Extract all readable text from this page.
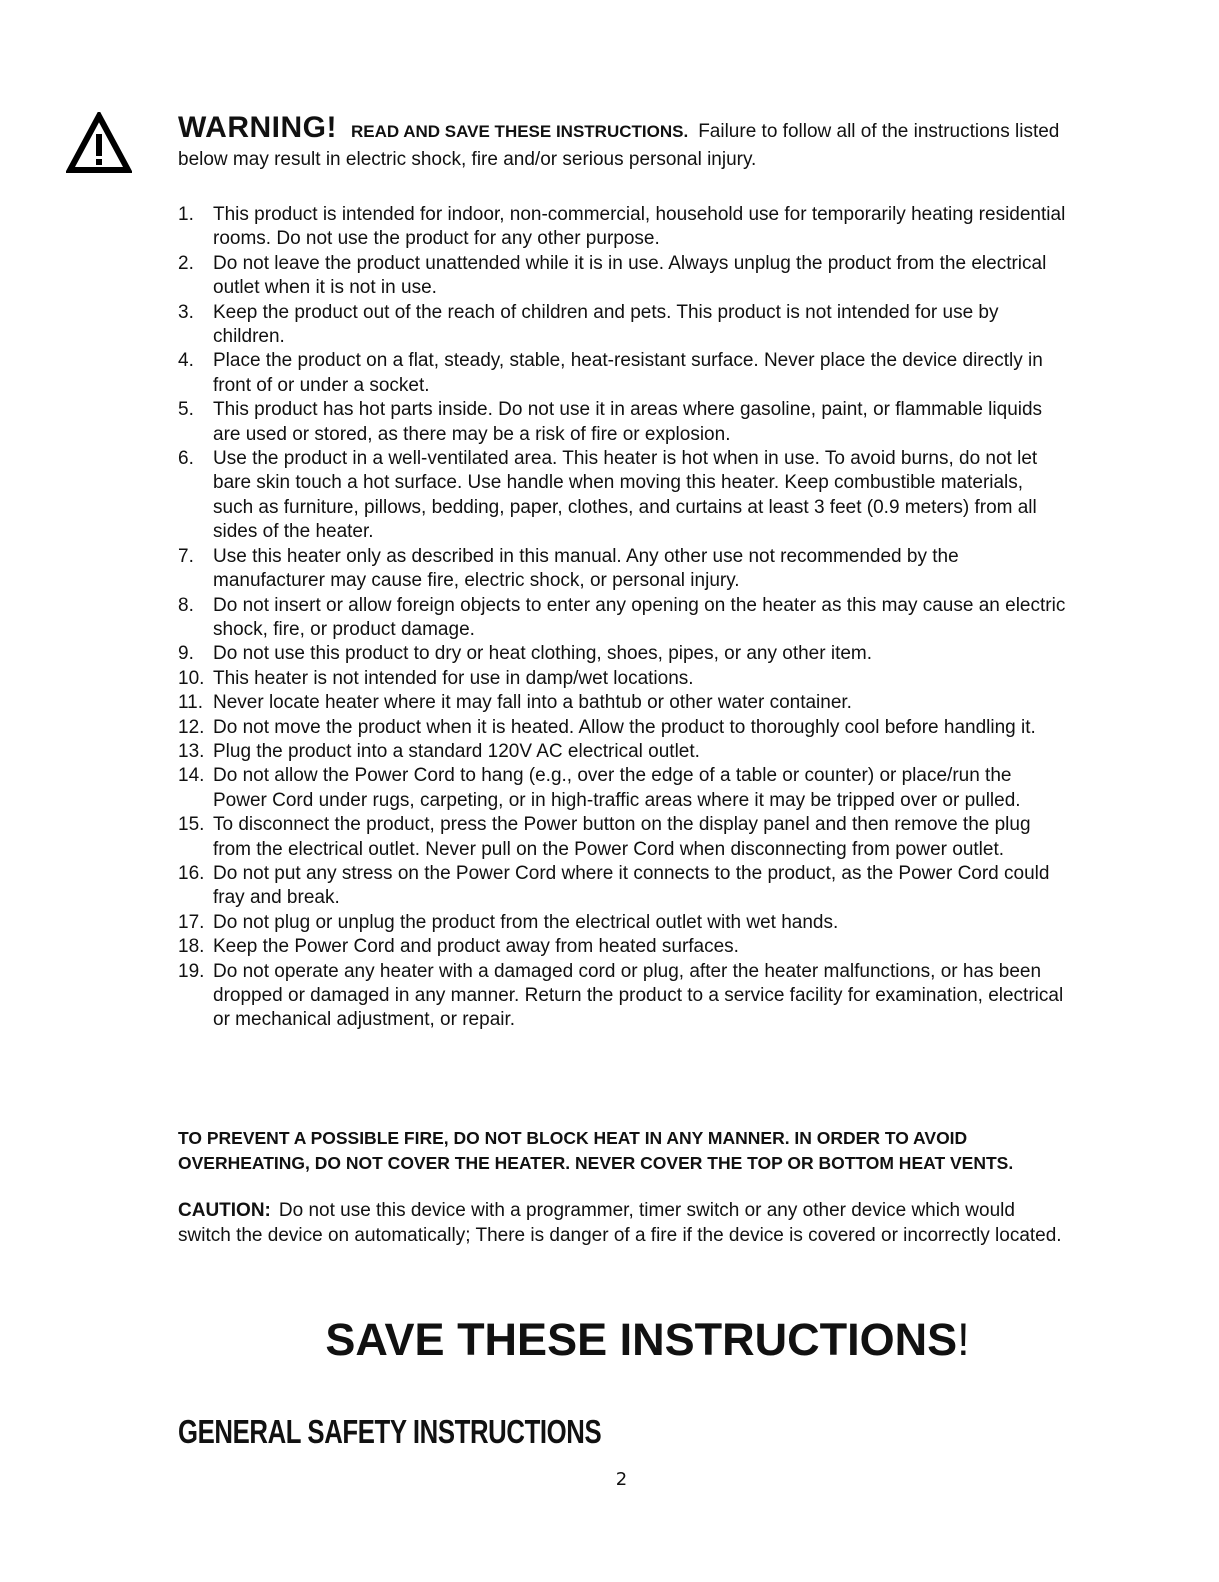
WARNING! READ AND SAVE THESE INSTRUCTIONS. Failure to follow all of the instructions listed below may result in electric shock, fire and/or serious personal injury.
1.	This product is intended for indoor, non-commercial, household use for temporarily heating residential rooms. Do not use the product for any other purpose.
2.	Do not leave the product unattended while it is in use. Always unplug the product from the electrical outlet when it is not in use.
3.	Keep the product out of the reach of children and pets. This product is not intended for use by children.
4.	Place the product on a flat, steady, stable, heat-resistant surface. Never place the device directly in front of or under a socket.
5.	This product has hot parts inside. Do not use it in areas where gasoline, paint, or flammable liquids are used or stored, as there may be a risk of fire or explosion.
6.	Use the product in a well-ventilated area. This heater is hot when in use. To avoid burns, do not let bare skin touch a hot surface. Use handle when moving this heater. Keep combustible materials, such as furniture, pillows, bedding, paper, clothes, and curtains at least 3 feet (0.9 meters) from all sides of the heater.
7.	Use this heater only as described in this manual. Any other use not recommended by the manufacturer may cause fire, electric shock, or personal injury.
8.	Do not insert or allow foreign objects to enter any opening on the heater as this may cause an electric shock, fire, or product damage.
9.	Do not use this product to dry or heat clothing, shoes, pipes, or any other item.
10. This heater is not intended for use in damp/wet locations.
11. Never locate heater where it may fall into a bathtub or other water container.
12. Do not move the product when it is heated. Allow the product to thoroughly cool before handling it.
13. Plug the product into a standard 120V AC electrical outlet.
14. Do not allow the Power Cord to hang (e.g., over the edge of a table or counter) or place/run the Power Cord under rugs, carpeting, or in high-traffic areas where it may be tripped over or pulled.
15. To disconnect the product, press the Power button on the display panel and then remove the plug from the electrical outlet. Never pull on the Power Cord when disconnecting from power outlet.
16. Do not put any stress on the Power Cord where it connects to the product, as the Power Cord could fray and break.
17. Do not plug or unplug the product from the electrical outlet with wet hands.
18. Keep the Power Cord and product away from heated surfaces.
19. Do not operate any heater with a damaged cord or plug, after the heater malfunctions, or has been dropped or damaged in any manner. Return the product to a service facility for examination, electrical or mechanical adjustment, or repair.
TO PREVENT A POSSIBLE FIRE, DO NOT BLOCK HEAT IN ANY MANNER. IN ORDER TO AVOID OVERHEATING, DO NOT COVER THE HEATER. NEVER COVER THE TOP OR BOTTOM HEAT VENTS.
CAUTION: Do not use this device with a programmer, timer switch or any other device which would switch the device on automatically; There is danger of a fire if the device is covered or incorrectly located.
SAVE THESE INSTRUCTIONS!
GENERAL SAFETY INSTRUCTIONS
2
